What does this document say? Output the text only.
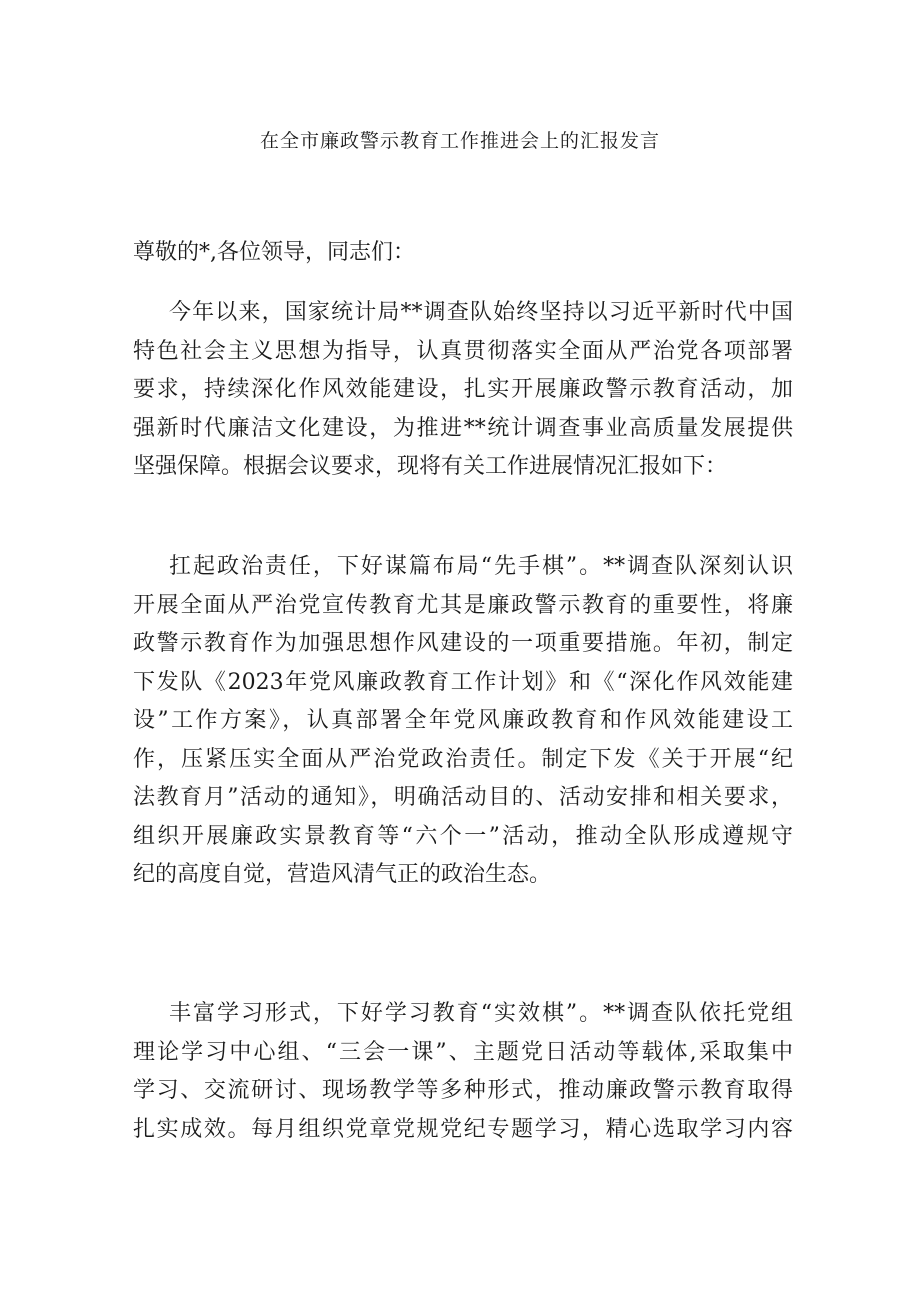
在全市廉政警示教育工作推进会上的汇报发言
尊敬的*,各位领导，同志们：
今年以来，国家统计局**调查队始终坚持以习近平新时代中国
特色社会主义思想为指导，认真贯彻落实全面从严治党各项部署
要求，持续深化作风效能建设，扎实开展廉政警示教育活动，加
强新时代廉洁文化建设，为推进**统计调查事业高质量发展提供
坚强保障。根据会议要求，现将有关工作进展情况汇报如下：
扛起政治责任，下好谋篇布局“先手棋”。**调查队深刻认识
开展全面从严治党宣传教育尤其是廉政警示教育的重要性，将廉
政警示教育作为加强思想作风建设的一项重要措施。年初，制定
下发队《2023年党风廉政教育工作计划》和《“深化作风效能建
设”工作方案》，认真部署全年党风廉政教育和作风效能建设工
作，压紧压实全面从严治党政治责任。制定下发《关于开展“纪
法教育月”活动的通知》，明确活动目的、活动安排和相关要求，
组织开展廉政实景教育等“六个一”活动，推动全队形成遵规守
纪的高度自觉，营造风清气正的政治生态。
丰富学习形式，下好学习教育“实效棋”。**调查队依托党组
理论学习中心组、“三会一课”、主题党日活动等载体,采取集中
学习、交流研讨、现场教学等多种形式，推动廉政警示教育取得
扎实成效。每月组织党章党规党纪专题学习，精心选取学习内容
